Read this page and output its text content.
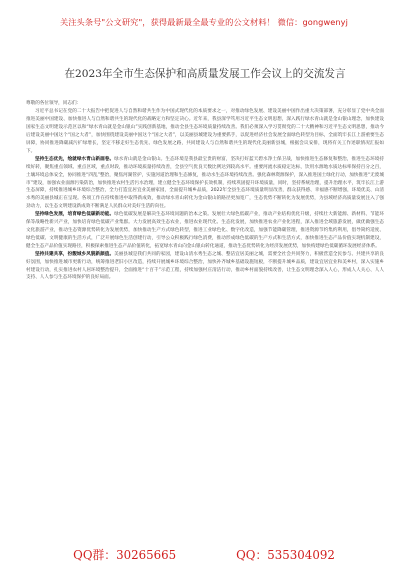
关注头条号"公文研究"，获得最新最全最专业的公文材料！ 微信：gongwenyj
在2023年全市生态保护和高质量发展工作会议上的交流发言

尊敬的各位领导，同志们：

习近平总书记在党的二十大报告中把促进人与自然和谐共生作为中国式现代化的本质要求之一，对推动绿色发展、建设美丽中国作出重大决策部署，充分彰显了党中央全面推进美丽中国建设、加快推进人与自然和谐共生的现代化的战略定力和坚定决心。近年来，我县深学笃用习近平生态文明思想，深入践行绿水青山就是金山银山理念，加快建设国家生态文明建设示范区以和“绿水青山就是金山银山”实践创新基地，推动全县生态环境质量持续改善。我们必须深入学习贯彻党的二十大精神和习近平生态文明思想，推动今后建设美丽中国这个“国之大者”，加快围绕建设美丽中国这个“国之大者”，以美丽县城建设为重要抓手，以促进经济社会发展全面绿色转型为目标，全面筑牢长江上游重要生态屏障，协同推进降碳减污扩绿增长，坚定不移走好生态优先、绿色发展之路，共同建设人与自然和谐共生的现代化美丽新县城，根据会议安排，现将有关工作述职情况汇报如下。

坚持生态优先，绘就绿水青山新画卷。绿水青山就是金山银山。生态环境是我县最宝贵的财富，坚决打好蓝天碧水净土保卫战，加快推进生态修复和整治，推进生态环境持续好转，聚焦重点领域、重点区域，重点时段，推动环境质量持续改善，全县空气优良天数比例达到较高水平。重要河流水质稳定达标，饮用水源地水质达标率保持百分之百，土壤环境总体安全，协同推进“四乱”整治，聚焦河湖管护，实施河道治理和生态修复，推动水生态环境持续改善。强化森林资源保护，深入推进国土绿化行动，加快推进“无废城市”建设，加强农业面源污染防治，加快推进农村生活污水治理，建立健全生态环境保护长效机制，持续巩固提升环境质量，同时，坚持系统治理，提升治理水平，筑牢长江上游生态屏障，持续推进城乡环境综合整治，全力打造宜居宜业美丽家园，全面提升城乡品质，2022年全县生态环境质量明显改善，群众获得感、幸福感不断增强，环境优美、山清水秀的美丽县城正在呈现。各项工作在持续推进中取得新成效，推动绿水青山转化为金山银山的路径更加宽广，生态优势不断转化为发展优势，为县域经济高质量发展注入了强劲动力，以生态文明建设新成效不断满足人民群众对美好生活的向往。

坚持绿色发展，培育绿色低碳新动能。绿色低碳发展是解决生态环境问题的治本之策。发展壮大绿色低碳产业，推动产业结构优化升级，持续壮大新能源、新材料、节能环保等战略性新兴产业，加快培育绿色低碳产业集群。大力发展高效生态农业，推进农业现代化、生态化发展，加快推进农业产业化进程，深入推进全域旅游发展，做优做强生态文化旅游产业，推动生态资源优势转化为发展优势，加快推动生产方式绿色转型，推进工业绿色化、数字化改造，加强节能降碳管理，推进资源节约集约利用，倡导简约适度、绿色低碳、文明健康的生活方式，广泛开展绿色生活创建行动，引导公众积极践行绿色消费，推动形成绿色低碳的生产方式和生活方式，加快推进生态产品价值实现机制建设，健全生态产品价值实现路径，积极探索推进生态产品价值转化，拓宽绿水青山向金山银山转化通道，推动生态优势转化为经济发展优势，加快构建绿色低碳循环发展经济体系。

坚持共建共享，扮靓城乡风貌新颜值。美丽县城是我们共同的家园，建设山清水秀生态之城、整洁宜居美丽之城，需要全社会共同努力，积极营造全民参与、共建共享的良好氛围，加快推进城市更新行动，统筹推进老旧小区改造，持续开展城乡环境综合整治，加快补齐城乡基础设施短板，不断提升城乡品质，建设宜居宜业和美乡村，深入实施乡村建设行动，扎实推进农村人居环境整治提升，全面推进“十百千”示范工程，持续加强村庄清洁行动，推动乡村面貌持续改善，让生态文明理念深入人心，形成人人关心、人人支持、人人参与生态环境保护的良好局面。

QQ群：30265665	QQ：535304092
